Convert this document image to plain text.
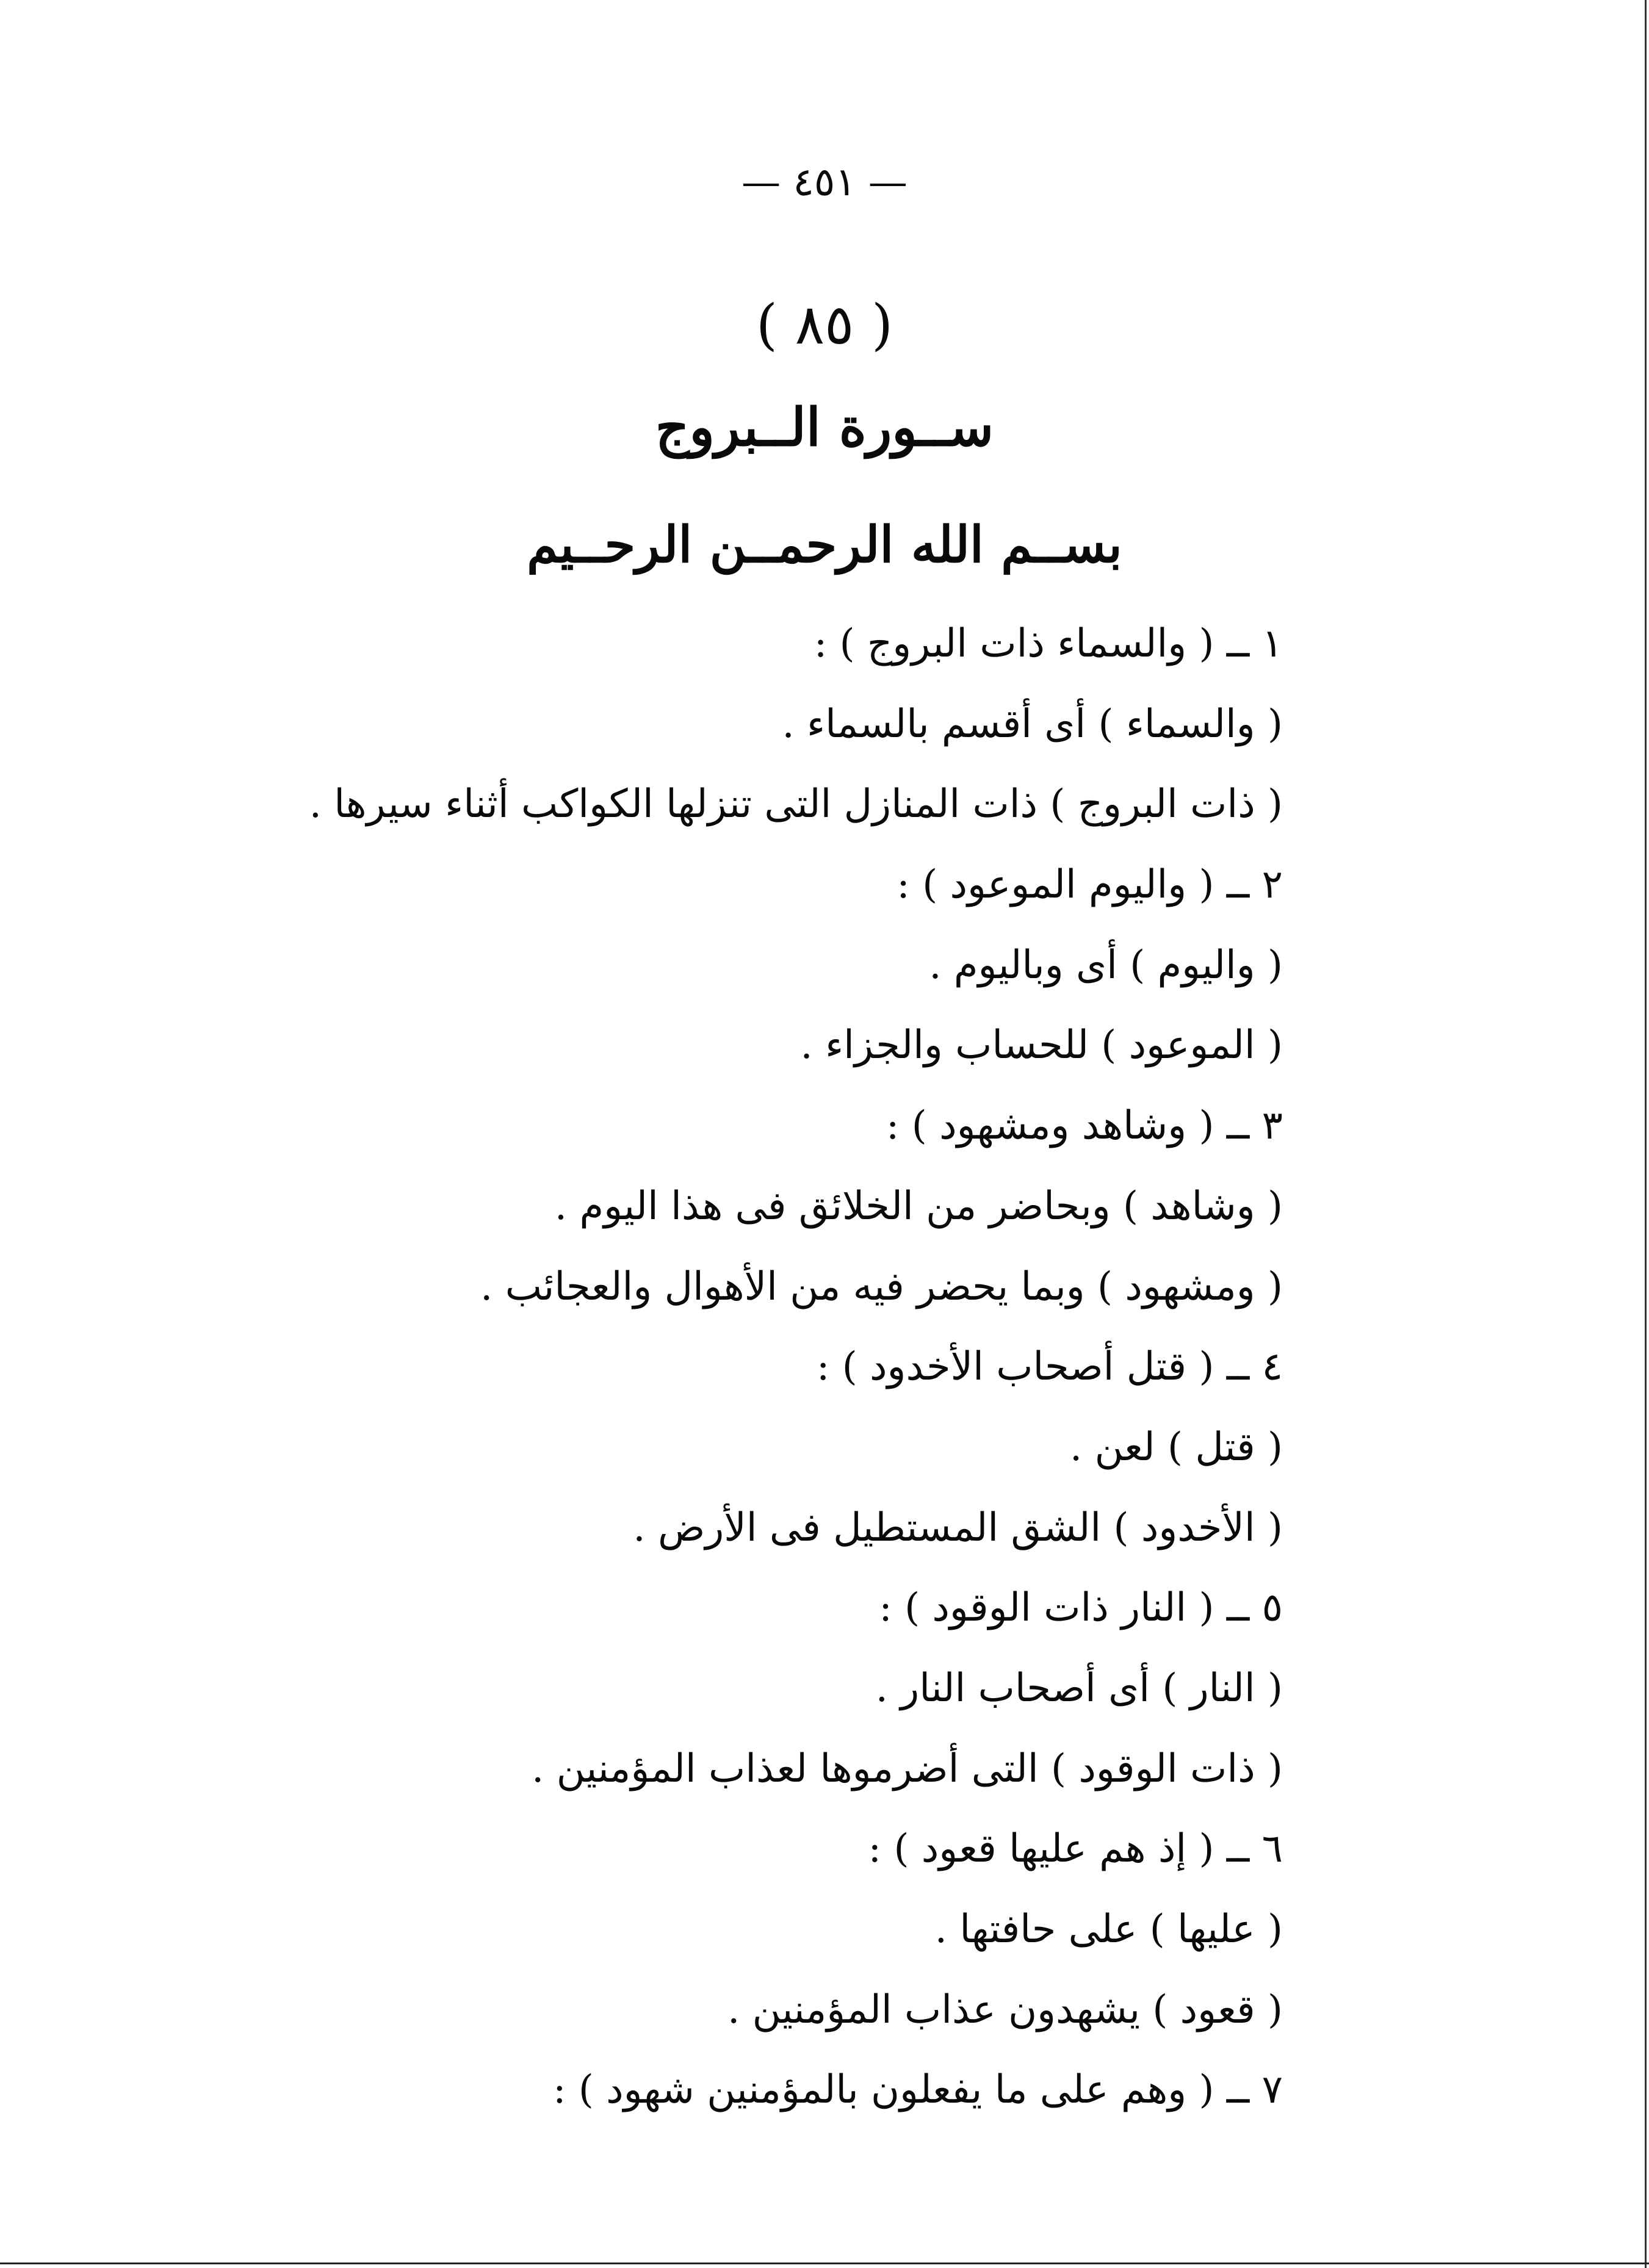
— ٤٥١ —
( ٨٥ )
ســورة الــبروج
بســم الله الرحمــن الرحــيم
١ ــ ( والسماء ذات البروج ) :
( والسماء ) أى أقسم بالسماء .
( ذات البروج ) ذات المنازل التى تنزلها الكواكب أثناء سيرها .
٢ ــ ( واليوم الموعود ) :
( واليوم ) أى وباليوم .
( الموعود ) للحساب والجزاء .
٣ ــ ( وشاهد ومشهود ) :
( وشاهد ) وبحاضر من الخلائق فى هذا اليوم .
( ومشهود ) وبما يحضر فيه من الأهوال والعجائب .
٤ ــ ( قتل أصحاب الأخدود ) :
( قتل ) لعن .
( الأخدود ) الشق المستطيل فى الأرض .
٥ ــ ( النار ذات الوقود ) :
( النار ) أى أصحاب النار .
( ذات الوقود ) التى أضرموها لعذاب المؤمنين .
٦ ــ ( إذ هم عليها قعود ) :
( عليها ) على حافتها .
( قعود ) يشهدون عذاب المؤمنين .
٧ ــ ( وهم على ما يفعلون بالمؤمنين شهود ) :
